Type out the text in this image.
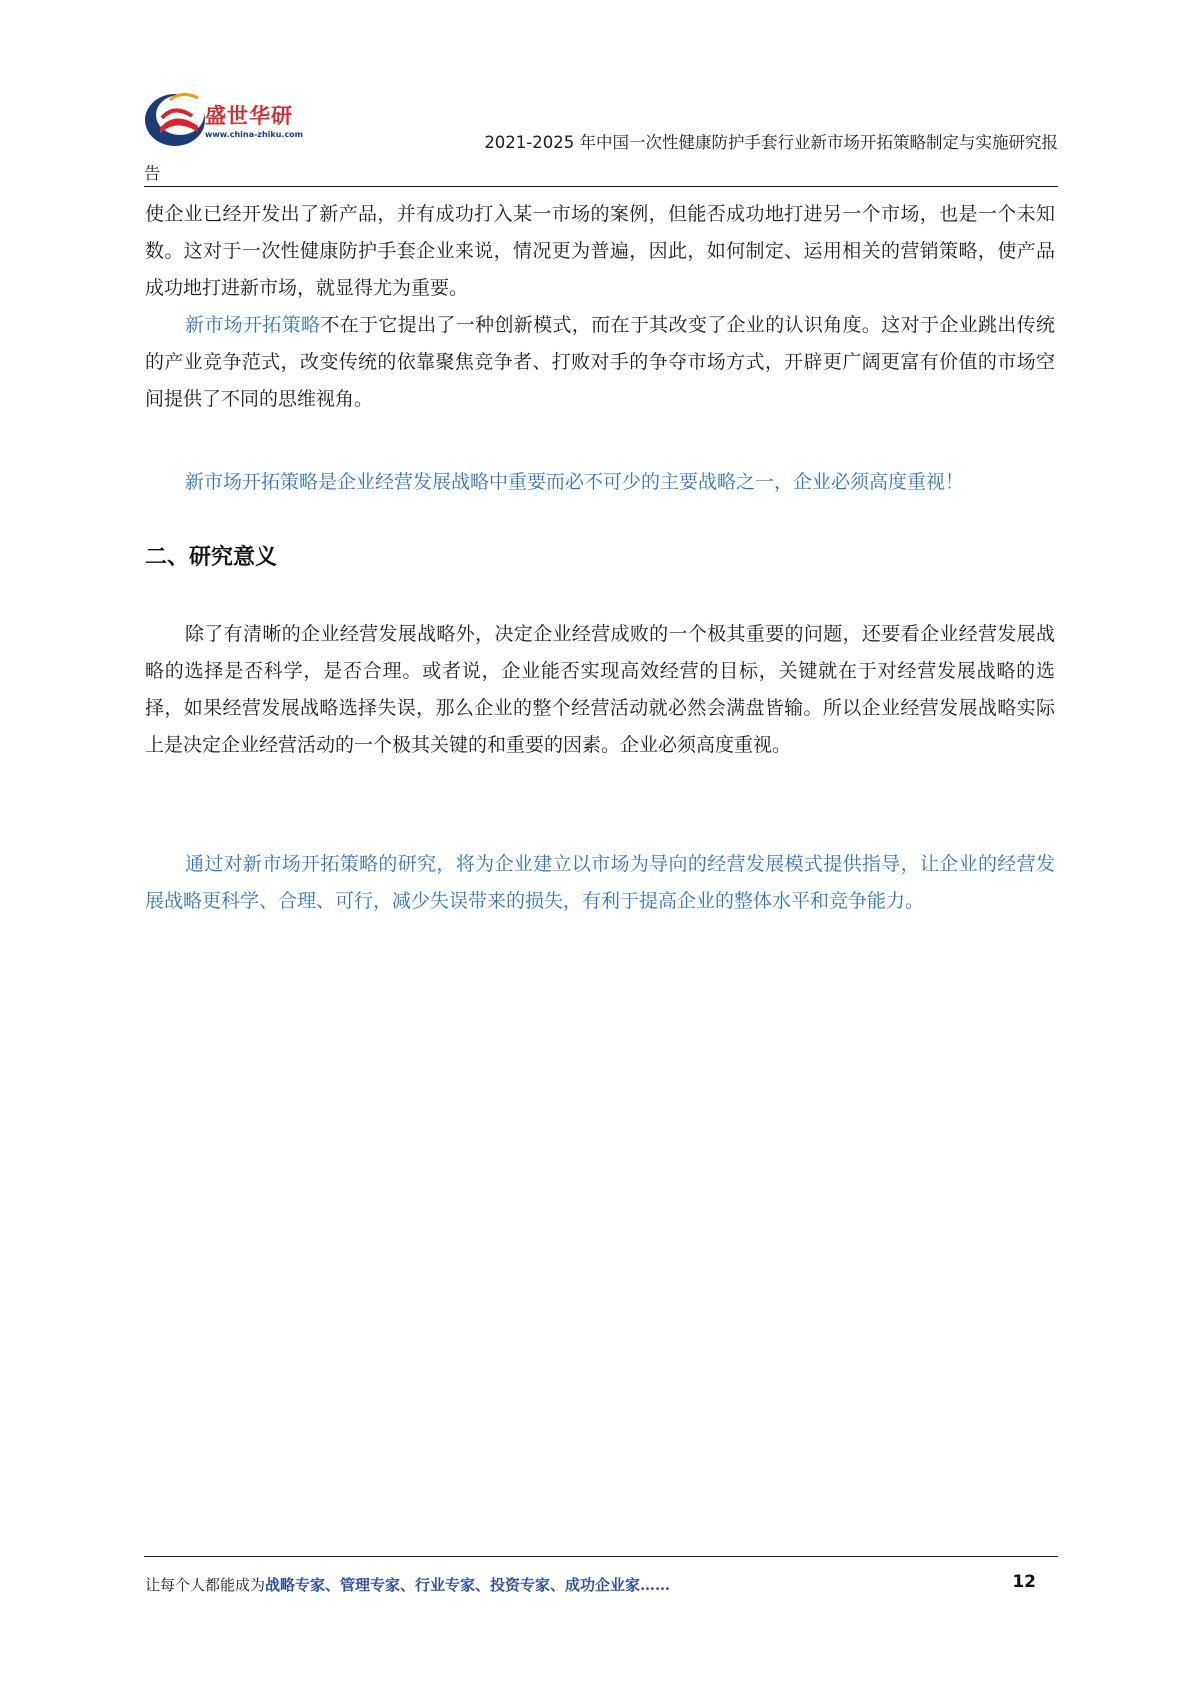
盛世华研
www.china-zhiku.com	2021-2025 年中国一次性健康防护手套行业新市场开拓策略制定与实施研究报
告

使企业已经开发出了新产品，并有成功打入某一市场的案例，但能否成功地打进另一个市场，也是一个未知数。这对于一次性健康防护手套企业来说，情况更为普遍，因此，如何制定、运用相关的营销策略，使产品成功地打进新市场，就显得尤为重要。

新市场开拓策略不在于它提出了一种创新模式，而在于其改变了企业的认识角度。这对于企业跳出传统的产业竞争范式，改变传统的依靠聚焦竞争者、打败对手的争夺市场方式，开辟更广阔更富有价值的市场空间提供了不同的思维视角。

新市场开拓策略是企业经营发展战略中重要而必不可少的主要战略之一，企业必须高度重视！

二、研究意义

除了有清晰的企业经营发展战略外，决定企业经营成败的一个极其重要的问题，还要看企业经营发展战略的选择是否科学，是否合理。或者说，企业能否实现高效经营的目标，关键就在于对经营发展战略的选择，如果经营发展战略选择失误，那么企业的整个经营活动就必然会满盘皆输。所以企业经营发展战略实际上是决定企业经营活动的一个极其关键的和重要的因素。企业必须高度重视。

通过对新市场开拓策略的研究，将为企业建立以市场为导向的经营发展模式提供指导，让企业的经营发展战略更科学、合理、可行，减少失误带来的损失，有利于提高企业的整体水平和竞争能力。

让每个人都能成为战略专家、管理专家、行业专家、投资专家、成功企业家……	12
